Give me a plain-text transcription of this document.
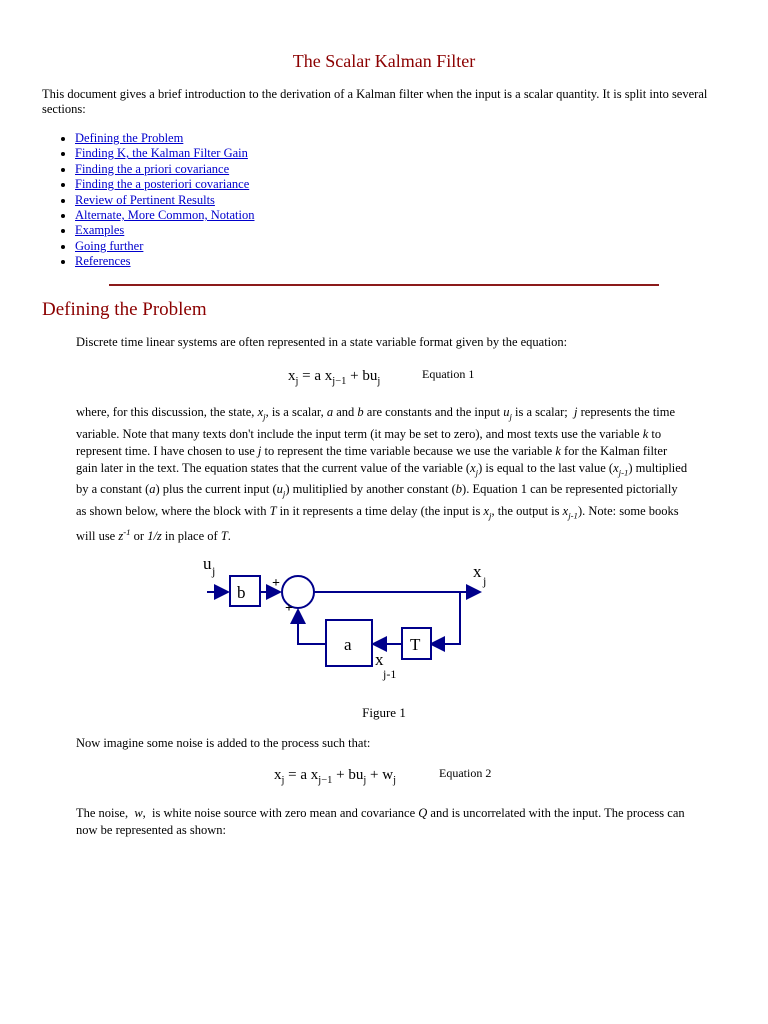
The Scalar Kalman Filter
This document gives a brief introduction to the derivation of a Kalman filter when the input is a scalar quantity. It is split into several sections:
• Defining the Problem
• Finding K, the Kalman Filter Gain
• Finding the a priori covariance
• Finding the a posteriori covariance
• Review of Pertinent Results
• Alternate, More Common, Notation
• Examples
• Going further
• References
Defining the Problem
Discrete time linear systems are often represented in a state variable format given by the equation:
$x_j = a$ $x_{j-1} + bu_j$
Equation 1
where, for this discussion, the state, $x_j$, is a scalar, a and b are constants and the input $u_j$ is a scalar;  j represents the time variable. Note that many texts don't include the input term (it may be set to zero), and most texts use the variable k to represent time. I have chosen to use j to represent the time variable because we use the variable k for the Kalman filter gain later in the text. The equation states that the current value of the variable $(x_j)$ is equal to the last value $(x_{j-1})$ multiplied by a constant (a) plus the current input $(u_j)$ mulitiplied by another constant (b). Equation 1 can be represented pictorially as shown below, where the block with T in it represents a time delay (the input is $x_j$, the output is $x_{j-1}$). Note: some books will use $z^{-1}$ or 1/z in place of T.
u j
b +
+
x j
a	T
x
j-1
Figure 1
Now imagine some noise is added to the process such that:
$x_j = a$ $x_{j-1} + bu_j + w_j$
Equation 2
The noise,  w,  is white noise source with zero mean and covariance Q and is uncorrelated with the input. The process can now be represented as shown:
